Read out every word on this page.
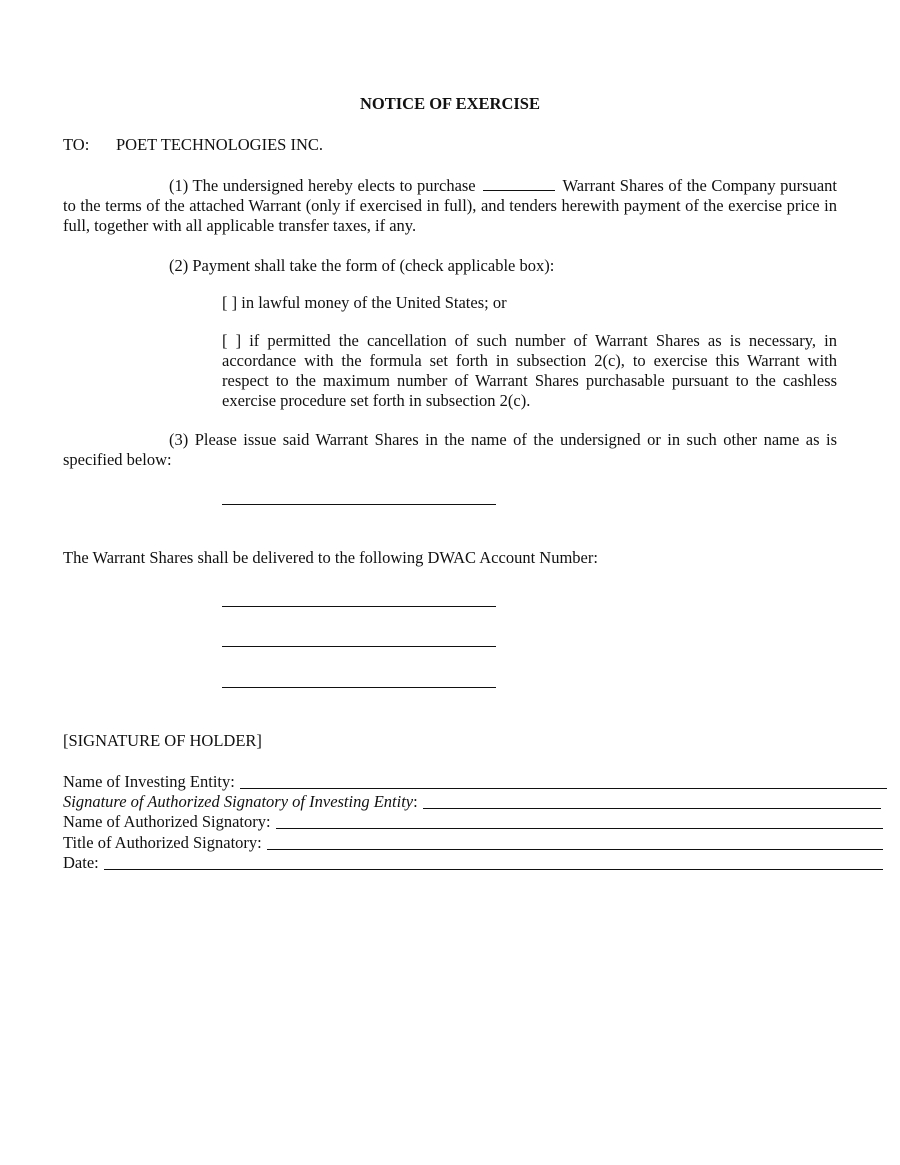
NOTICE OF EXERCISE
TO: POET TECHNOLOGIES INC.
(1) The undersigned hereby elects to purchase	Warrant Shares of the Company pursuant to the terms of the attached Warrant (only if exercised in full), and tenders herewith payment of the exercise price in full, together with all applicable transfer taxes, if any.
(2) Payment shall take the form of (check applicable box):
[ ] in lawful money of the United States; or
[ ] if permitted the cancellation of such number of Warrant Shares as is necessary, in accordance with the formula set forth in subsection 2(c), to exercise this Warrant with respect to the maximum number of Warrant Shares purchasable pursuant to the cashless exercise procedure set forth in subsection 2(c).
(3) Please issue said Warrant Shares in the name of the undersigned or in such other name as is specified below:
The Warrant Shares shall be delivered to the following DWAC Account Number:
[SIGNATURE OF HOLDER]
Name of Investing Entity:
Signature of Authorized Signatory of Investing Entity:
Name of Authorized Signatory:
Title of Authorized Signatory:
Date:
